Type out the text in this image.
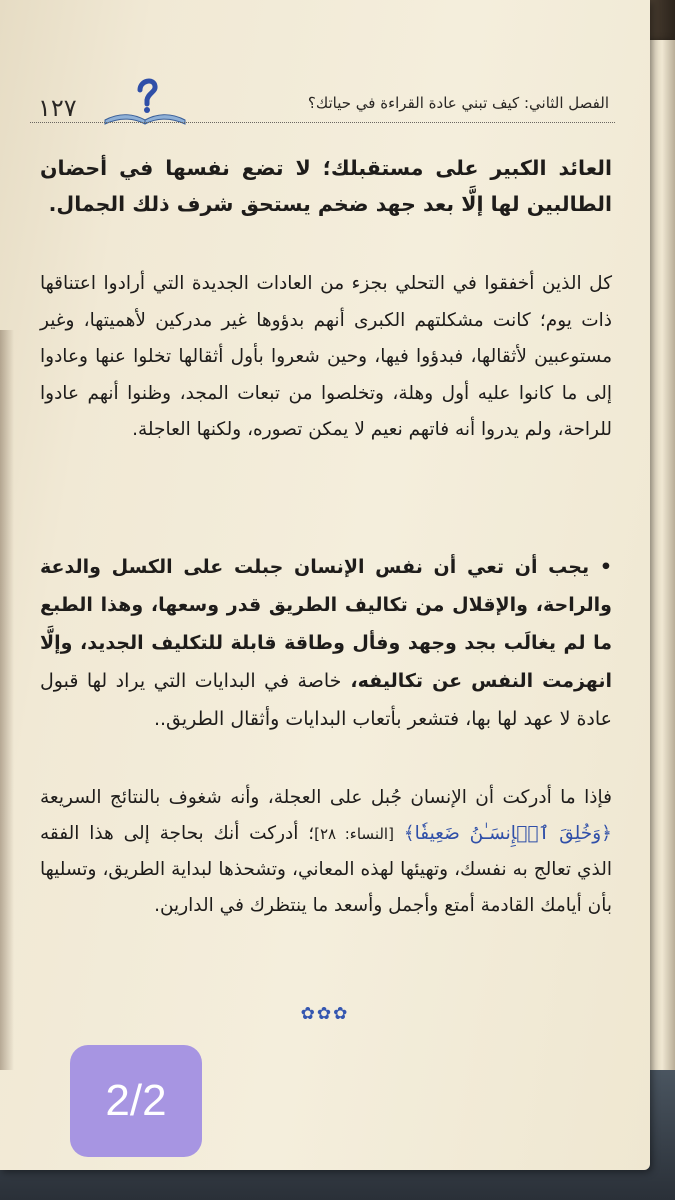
١٢٧	الفصل الثاني: كيف تبني عادة القراءة في حياتك؟

العائد الكبير على مستقبلك؛ لا تضع نفسها في أحضان الطالبين لها إلَّا بعد جهد ضخم يستحق شرف ذلك الجمال.

كل الذين أخفقوا في التحلي بجزء من العادات الجديدة التي أرادوا اعتناقها ذات يوم؛ كانت مشكلتهم الكبرى أنهم بدؤوها غير مدركين لأهميتها، وغير مستوعبين لأثقالها، فبدؤوا فيها، وحين شعروا بأول أثقالها تخلوا عنها وعادوا إلى ما كانوا عليه أول وهلة، وتخلصوا من تبعات المجد، وظنوا أنهم عادوا للراحة، ولم يدروا أنه فاتهم نعيم لا يمكن تصوره، ولكنها العاجلة.

• يجب أن تعي أن نفس الإنسان جبلت على الكسل والدعة والراحة، والإقلال من تكاليف الطريق قدر وسعها، وهذا الطبع ما لم يغالَب بجد وجهد وفأل وطاقة قابلة للتكليف الجديد، وإلَّا انهزمت النفس عن تكاليفه، خاصة في البدايات التي يراد لها قبول عادة لا عهد لها بها، فتشعر بأتعاب البدايات وأثقال الطريق..

فإذا ما أدركت أن الإنسان جُبل على العجلة، وأنه شغوف بالنتائج السريعة ﴿وَخُلِقَ ٱلۡإِنسَـٰنُ ضَعِيفٗا﴾ [النساء: ٢٨]؛ أدركت أنك بحاجة إلى هذا الفقه الذي تعالج به نفسك، وتهيئها لهذه المعاني، وتشحذها لبداية الطريق، وتسليها بأن أيامك القادمة أمتع وأجمل وأسعد ما ينتظرك في الدارين.

✿✿✿
2/2
